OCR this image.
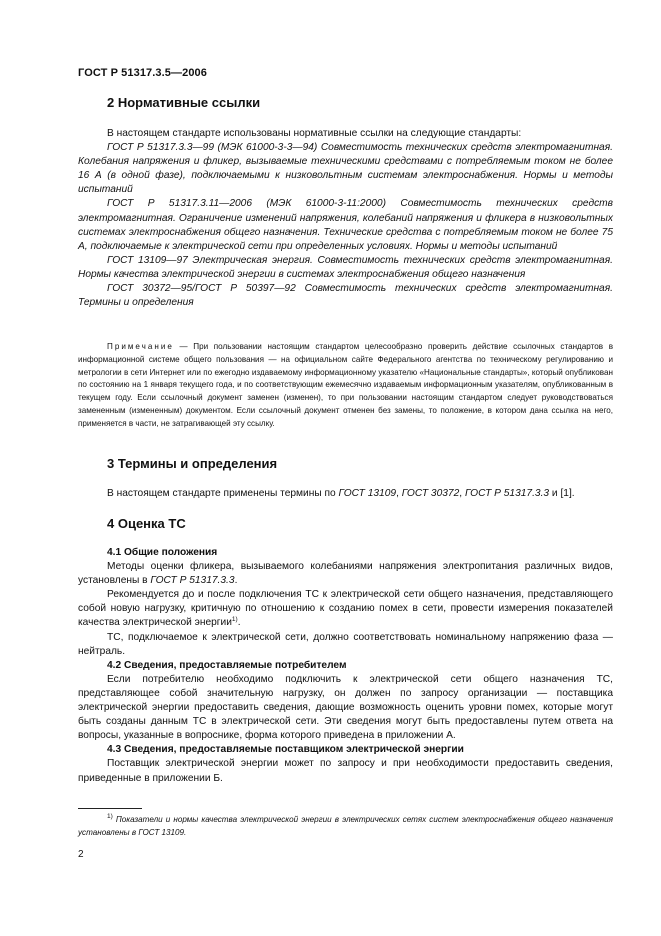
ГОСТ Р 51317.3.5—2006
2 Нормативные ссылки

В настоящем стандарте использованы нормативные ссылки на следующие стандарты:

ГОСТ Р 51317.3.3—99 (МЭК 61000-3-3—94) Совместимость технических средств электромагнитная. Колебания напряжения и фликер, вызываемые техническими средствами с потребляемым током не более 16 А (в одной фазе), подключаемыми к низковольтным системам электроснабжения. Нормы и методы испытаний

ГОСТ Р 51317.3.11—2006 (МЭК 61000-3-11:2000) Совместимость технических средств электромагнитная. Ограничение изменений напряжения, колебаний напряжения и фликера в низковольтных системах электроснабжения общего назначения. Технические средства с потребляемым током не более 75 А, подключаемые к электрической сети при определенных условиях. Нормы и методы испытаний

ГОСТ 13109—97 Электрическая энергия. Совместимость технических средств электромагнитная. Нормы качества электрической энергии в системах электроснабжения общего назначения

ГОСТ 30372—95/ГОСТ Р 50397—92 Совместимость технических средств электромагнитная. Термины и определения

Примечание — При пользовании настоящим стандартом целесообразно проверить действие ссылочных стандартов в информационной системе общего пользования — на официальном сайте Федерального агентства по техническому регулированию и метрологии в сети Интернет или по ежегодно издаваемому информационному указателю «Национальные стандарты», который опубликован по состоянию на 1 января текущего года, и по соответствующим ежемесячно издаваемым информационным указателям, опубликованным в текущем году. Если ссылочный документ заменен (изменен), то при пользовании настоящим стандартом следует руководствоваться замененным (измененным) документом. Если ссылочный документ отменен без замены, то положение, в котором дана ссылка на него, применяется в части, не затрагивающей эту ссылку.

3 Термины и определения

В настоящем стандарте применены термины по ГОСТ 13109, ГОСТ 30372, ГОСТ Р 51317.3.3 и [1].

4 Оценка ТС

4.1 Общие положения

Методы оценки фликера, вызываемого колебаниями напряжения электропитания различных видов, установлены в ГОСТ Р 51317.3.3.

Рекомендуется до и после подключения ТС к электрической сети общего назначения, представляющего собой новую нагрузку, критичную по отношению к созданию помех в сети, провести измерения показателей качества электрической энергии$^{1)}$.

ТС, подключаемое к электрической сети, должно соответствовать номинальному напряжению фаза — нейтраль.

4.2 Сведения, предоставляемые потребителем

Если потребителю необходимо подключить к электрической сети общего назначения ТС, представляющее собой значительную нагрузку, он должен по запросу организации — поставщика электрической энергии предоставить сведения, дающие возможность оценить уровни помех, которые могут быть созданы данным ТС в электрической сети. Эти сведения могут быть предоставлены путем ответа на вопросы, указанные в вопроснике, форма которого приведена в приложении А.

4.3 Сведения, предоставляемые поставщиком электрической энергии

Поставщик электрической энергии может по запросу и при необходимости предоставить сведения, приведенные в приложении Б.

$^{1)}$ Показатели и нормы качества электрической энергии в электрических сетях систем электроснабжения общего назначения установлены в ГОСТ 13109.

2
